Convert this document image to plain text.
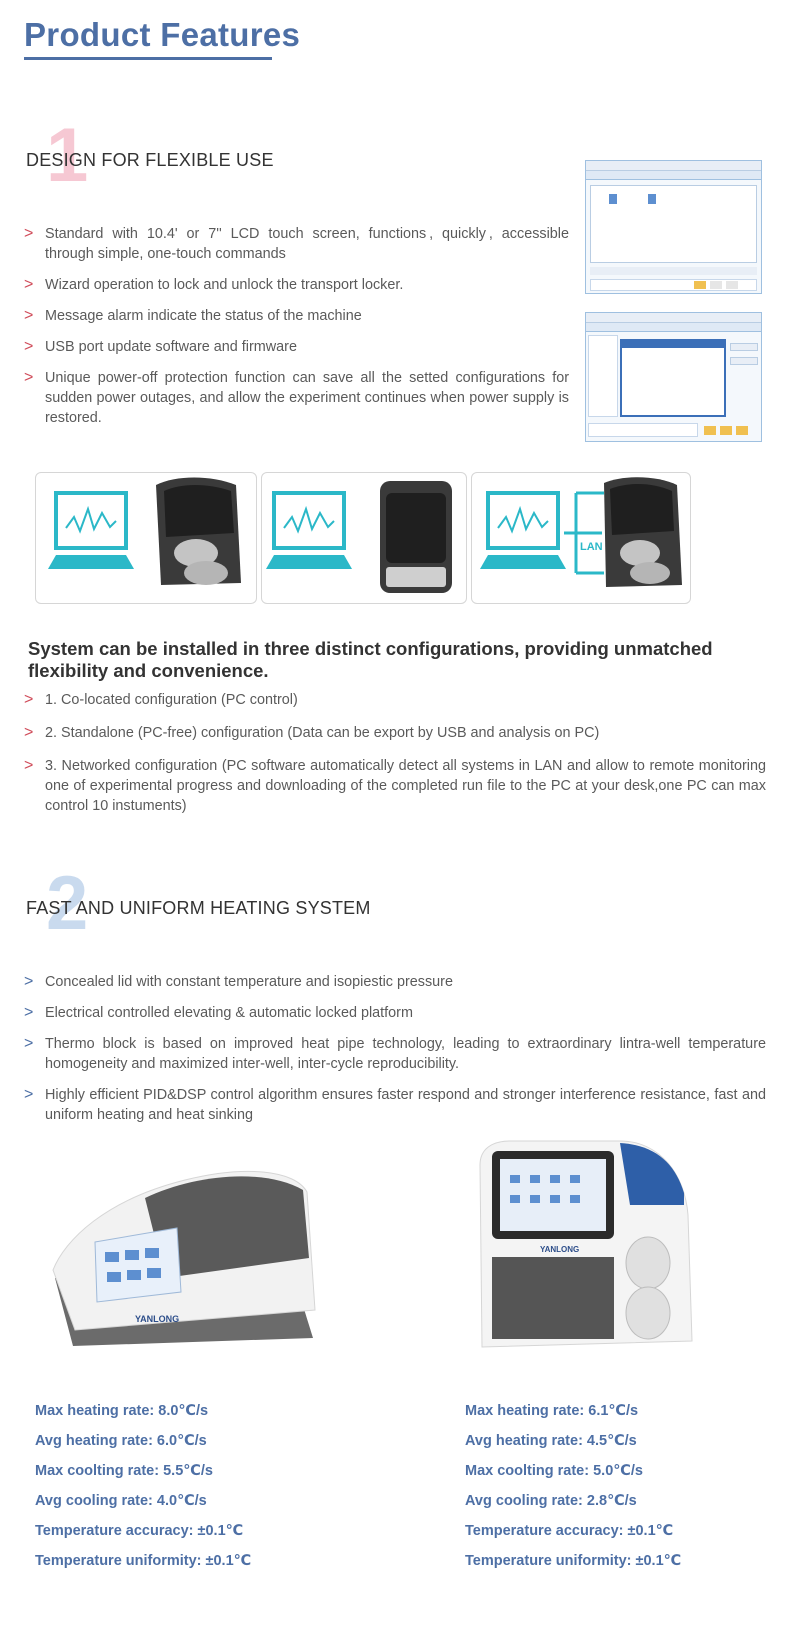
Product Features
1
DESIGN FOR FLEXIBLE USE
> Standard with 10.4' or 7'' LCD touch screen, functions , quickly , accessible through simple, one-touch commands
> Wizard operation to lock and unlock the transport locker.
> Message alarm indicate the status of the machine
> USB port update software and firmware
> Unique power-off protection function can save all the setted configurations for sudden power outages, and allow the experiment continues when power supply is restored.
LAN
System can be installed in three distinct configurations, providing unmatched flexibility and convenience.
> 1. Co-located configuration (PC control)
> 2. Standalone (PC-free) configuration (Data can be export by USB and analysis on PC)
> 3. Networked configuration (PC software automatically detect all systems in LAN and allow to remote monitoring one of experimental progress and downloading of the completed run file to the PC at your desk,one PC can max control 10 instuments)
2
FAST AND UNIFORM HEATING SYSTEM
> Concealed lid with constant temperature and isopiestic pressure
> Electrical controlled elevating & automatic locked platform
> Thermo block is based on improved heat pipe technology, leading to extraordinary lintra-well temperature homogeneity and maximized inter-well, inter-cycle reproducibility.
> Highly efficient PID&DSP control algorithm ensures faster respond and stronger interference resistance, fast and uniform heating and heat sinking
YANLONG
YANLONG
Max heating rate: 8.0℃/s
Avg heating rate: 6.0℃/s
Max coolting rate: 5.5℃/s
Avg cooling rate: 4.0℃/s
Temperature accuracy: ±0.1℃
Temperature uniformity: ±0.1℃
Max heating rate: 6.1℃/s
Avg heating rate: 4.5℃/s
Max coolting rate: 5.0℃/s
Avg cooling rate: 2.8℃/s
Temperature accuracy: ±0.1℃
Temperature uniformity: ±0.1℃
